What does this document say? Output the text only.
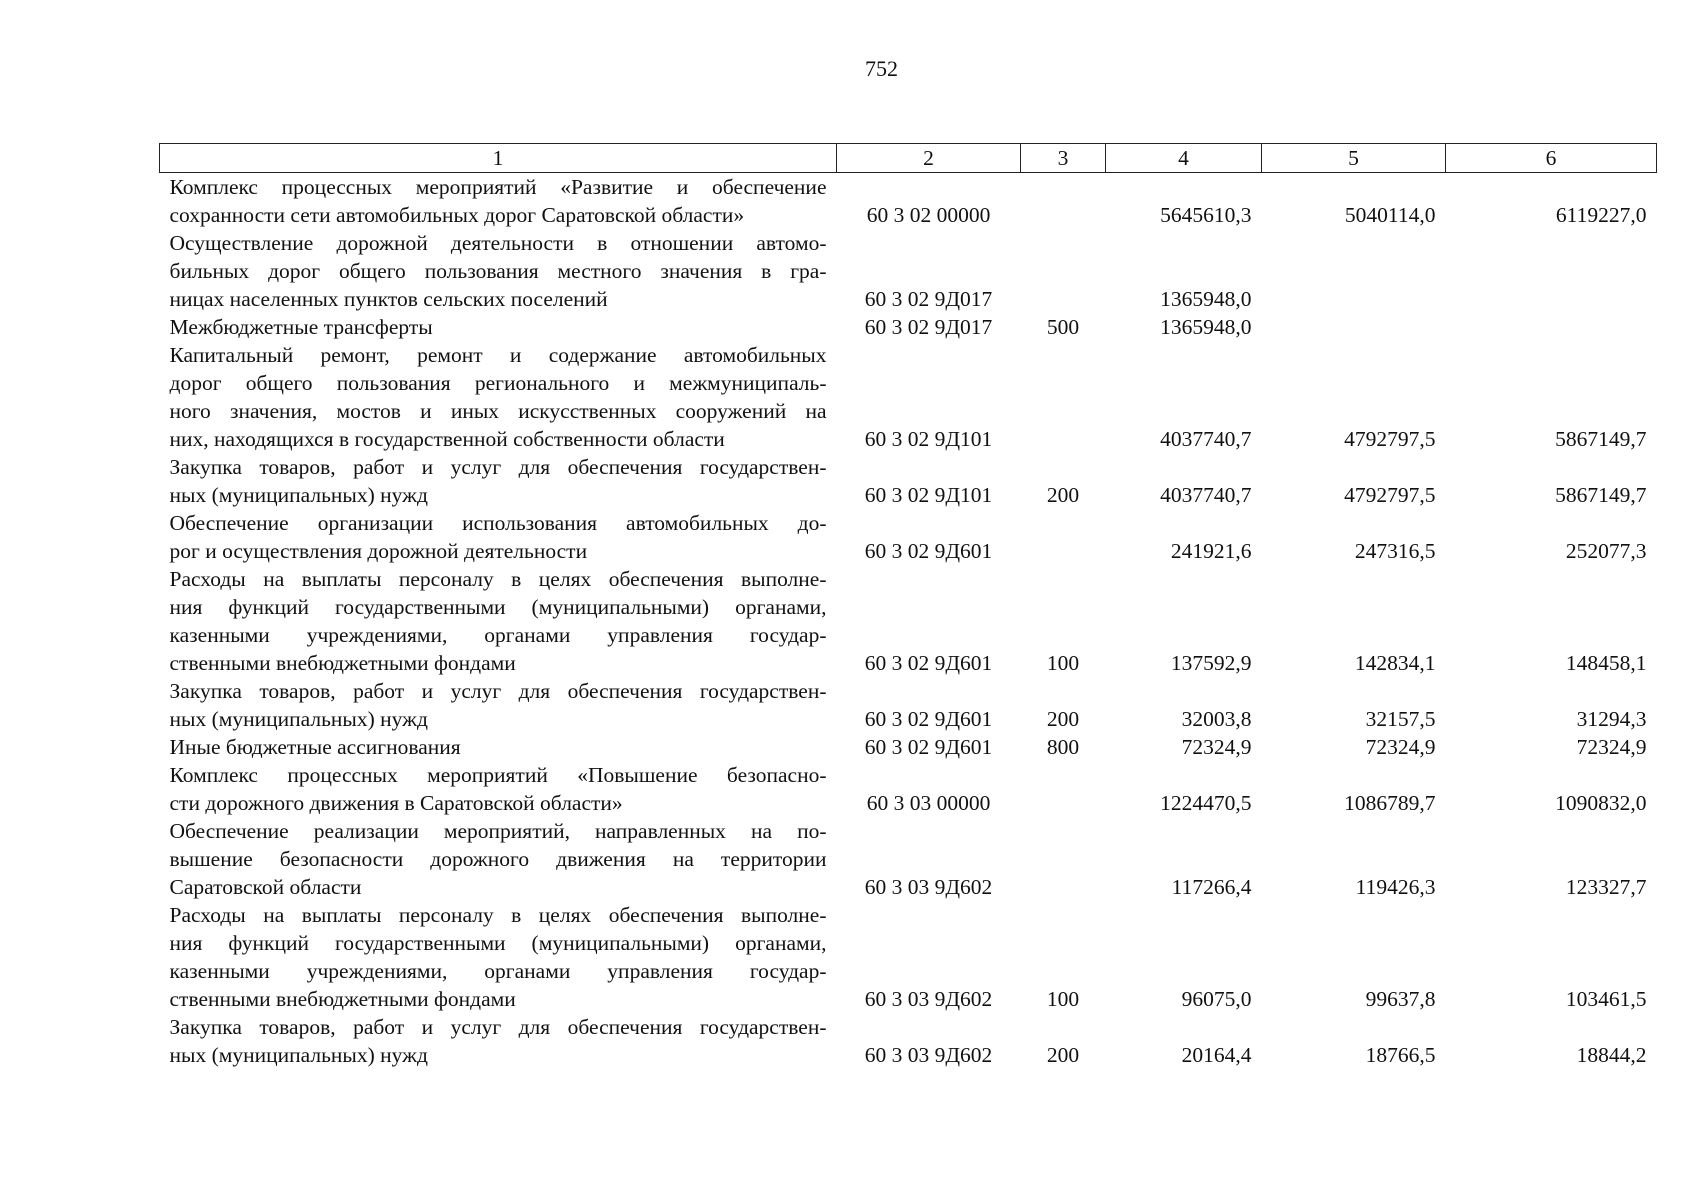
752
1	2	3	4	5	6

Комплекс процессных мероприятий «Развитие и обеспечение
сохранности сети автомобильных дорог Саратовской области»	60 3 02 00000		5645610,3	5040114,0	6119227,0

Осуществление дорожной деятельности в отношении автомо-
бильных дорог общего пользования местного значения в гра-
ницах населенных пунктов сельских поселений	60 3 02 9Д017		1365948,0		

Межбюджетные трансферты	60 3 02 9Д017	500	1365948,0		

Капитальный ремонт, ремонт и содержание автомобильных
дорог общего пользования регионального и межмуниципаль-
ного значения, мостов и иных искусственных сооружений на
них, находящихся в государственной собственности области	60 3 02 9Д101		4037740,7	4792797,5	5867149,7

Закупка товаров, работ и услуг для обеспечения государствен-
ных (муниципальных) нужд	60 3 02 9Д101	200	4037740,7	4792797,5	5867149,7

Обеспечение организации использования автомобильных до-
рог и осуществления дорожной деятельности	60 3 02 9Д601		241921,6	247316,5	252077,3

Расходы на выплаты персоналу в целях обеспечения выполне-
ния функций государственными (муниципальными) органами,
казенными учреждениями, органами управления государ-
ственными внебюджетными фондами	60 3 02 9Д601	100	137592,9	142834,1	148458,1

Закупка товаров, работ и услуг для обеспечения государствен-
ных (муниципальных) нужд	60 3 02 9Д601	200	32003,8	32157,5	31294,3

Иные бюджетные ассигнования	60 3 02 9Д601	800	72324,9	72324,9	72324,9

Комплекс процессных мероприятий «Повышение безопасно-
сти дорожного движения в Саратовской области»	60 3 03 00000		1224470,5	1086789,7	1090832,0

Обеспечение реализации мероприятий, направленных на по-
вышение безопасности дорожного движения на территории
Саратовской области	60 3 03 9Д602		117266,4	119426,3	123327,7

Расходы на выплаты персоналу в целях обеспечения выполне-
ния функций государственными (муниципальными) органами,
казенными учреждениями, органами управления государ-
ственными внебюджетными фондами	60 3 03 9Д602	100	96075,0	99637,8	103461,5

Закупка товаров, работ и услуг для обеспечения государствен-
ных (муниципальных) нужд	60 3 03 9Д602	200	20164,4	18766,5	18844,2
